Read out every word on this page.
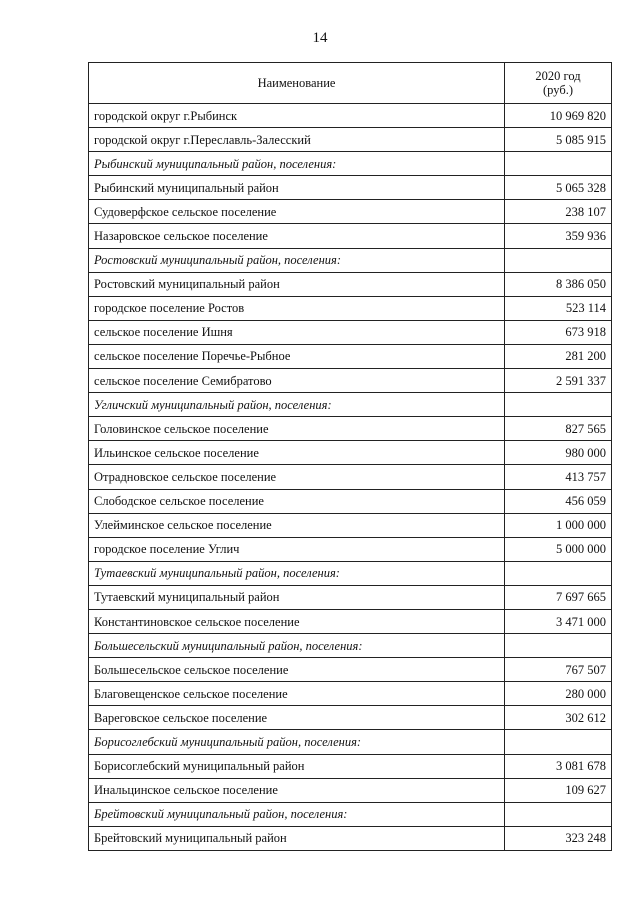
14
Наименование	2020 год
(руб.)
городской округ г.Рыбинск	10 969 820
городской округ г.Переславль-Залесский	5 085 915
Рыбинский муниципальный район, поселения:	
Рыбинский муниципальный район	5 065 328
Судоверфское сельское поселение	238 107
Назаровское сельское поселение	359 936
Ростовский муниципальный район, поселения:	
Ростовский муниципальный район	8 386 050
городское поселение Ростов	523 114
сельское поселение Ишня	673 918
сельское поселение Поречье-Рыбное	281 200
сельское поселение Семибратово	2 591 337
Угличский муниципальный район, поселения:	
Головинское сельское поселение	827 565
Ильинское сельское поселение	980 000
Отрадновское сельское поселение	413 757
Слободское сельское поселение	456 059
Улейминское сельское поселение	1 000 000
городское поселение Углич	5 000 000
Тутаевский муниципальный район, поселения:	
Тутаевский муниципальный район	7 697 665
Константиновское сельское поселение	3 471 000
Большесельский муниципальный район, поселения:	
Большесельское сельское поселение	767 507
Благовещенское сельское поселение	280 000
Вареговское сельское поселение	302 612
Борисоглебский муниципальный район, поселения:	
Борисоглебский муниципальный район	3 081 678
Инальцинское сельское поселение	109 627
Брейтовский муниципальный район, поселения:	
Брейтовский муниципальный район	323 248
